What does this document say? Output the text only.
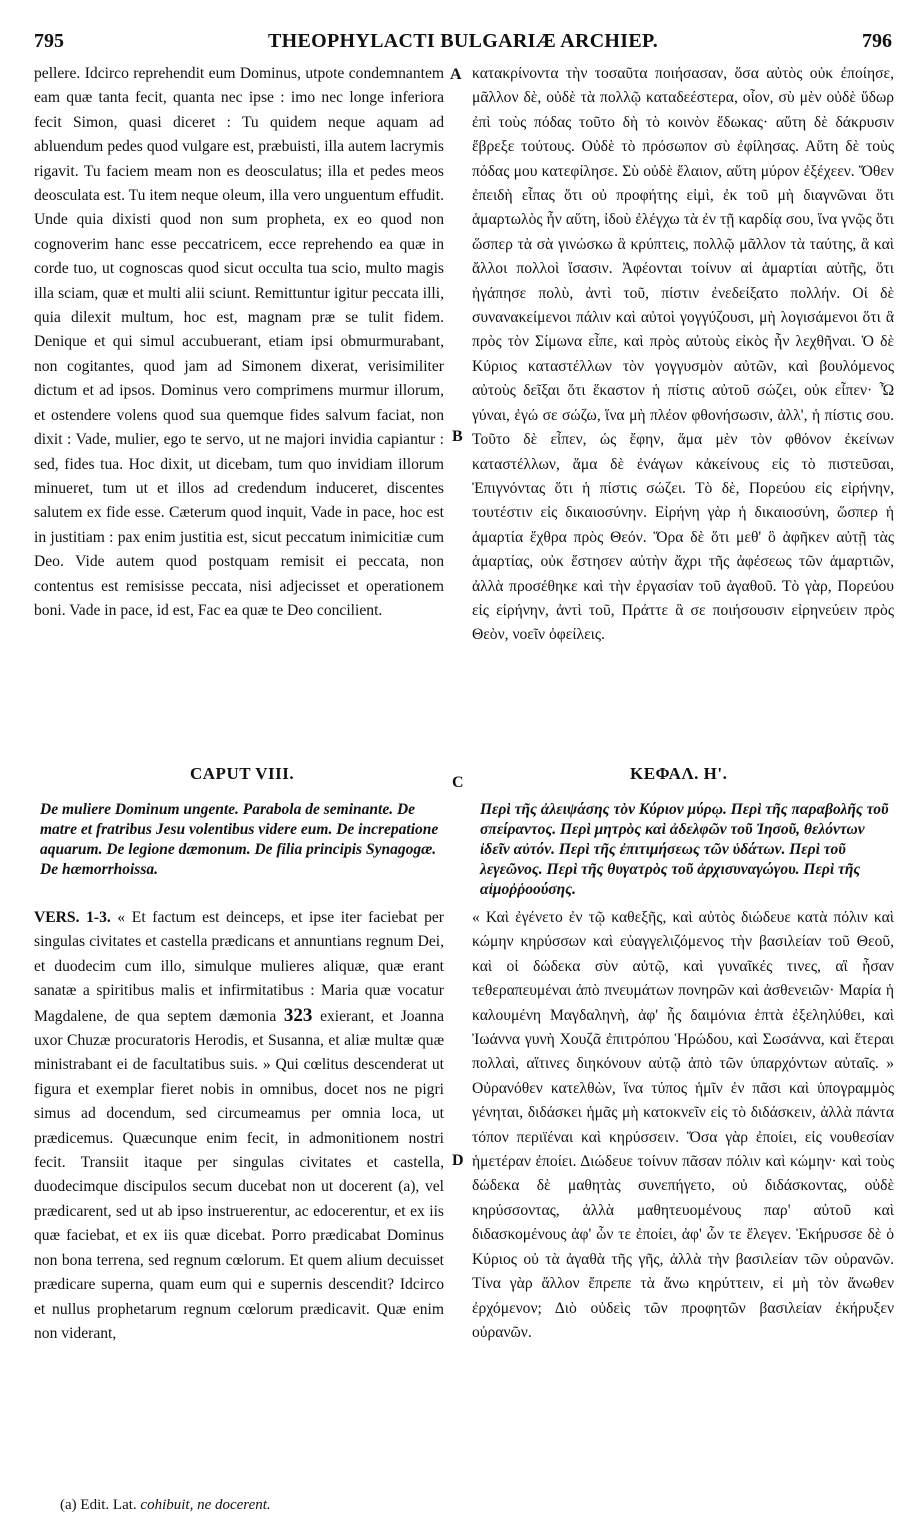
795	THEOPHYLACTI BULGARIÆ ARCHIEP.	796

pellere. Idcirco reprehendit eum Dominus, utpote condemnantem eam quæ tanta fecit, quanta nec ipse : imo nec longe inferiora fecit Simon, quasi diceret : Tu quidem neque aquam ad abluendum pedes quod vulgare est, præbuisti, illa autem lacrymis rigavit. Tu faciem meam non es deosculatus; illa et pedes meos deosculata est. Tu item neque oleum, illa vero unguentum effudit. Unde quia dixisti quod non sum propheta, ex eo quod non cognoverim hanc esse peccatricem, ecce reprehendo ea quæ in corde tuo, ut cognoscas quod sicut occulta tua scio, multo magis illa sciam, quæ et multi alii sciunt. Remittuntur igitur peccata illi, quia dilexit multum, hoc est, magnam præ se tulit fidem. Denique et qui simul accubuerant, etiam ipsi obmurmurabant, non cogitantes, quod jam ad Simonem dixerat, verisimiliter dictum et ad ipsos. Dominus vero comprimens murmur illorum, et ostendere volens quod sua quemque fides salvum faciat, non dixit : Vade, mulier, ego te servo, ut ne majori invidia capiantur : sed, fides tua. Hoc dixit, ut dicebam, tum quo invidiam illorum minueret, tum ut et illos ad credendum induceret, discentes salutem ex fide esse. Cæterum quod inquit, Vade in pace, hoc est in justitiam : pax enim justitia est, sicut peccatum inimicitiæ cum Deo. Vide autem quod postquam remisit ei peccata, non contentus est remisisse peccata, nisi adjecisset et operationem boni. Vade in pace, id est, Fac ea quæ te Deo concilient.

κατακρίνοντα τὴν τοσαῦτα ποιήσασαν, ὅσα αὐτὸς οὐκ ἐποίησε, μᾶλλον δὲ, οὐδὲ τὰ πολλῷ καταδεέστερα, οἷον, σὺ μὲν οὐδὲ ὕδωρ ἐπὶ τοὺς πόδας τοῦτο δὴ τὸ κοινὸν ἔδωκας· αὕτη δὲ δάκρυσιν ἔβρεξε τούτους. Οὐδὲ τὸ πρόσωπον σὺ ἐφίλησας. Αὕτη δὲ τοὺς πόδας μου κατεφίλησε. Σὺ οὐδὲ ἔλαιον, αὕτη μύρον ἐξέχεεν. Ὅθεν ἐπειδὴ εἶπας ὅτι οὐ προφήτης εἰμὶ, ἐκ τοῦ μὴ διαγνῶναι ὅτι ἁμαρτωλὸς ἦν αὕτη, ἰδοὺ ἐλέγχω τὰ ἐν τῇ καρδίᾳ σου, ἵνα γνῷς ὅτι ὥσπερ τὰ σὰ γινώσκω ἃ κρύπτεις, πολλῷ μᾶλλον τὰ ταύτης, ἃ καὶ ἄλλοι πολλοὶ ἴσασιν. Ἀφέονται τοίνυν αἱ ἁμαρτίαι αὐτῆς, ὅτι ἠγάπησε πολὺ, ἀντὶ τοῦ, πίστιν ἐνεδείξατο πολλήν. Οἱ δὲ συνανακείμενοι πάλιν καὶ αὐτοὶ γογγύζουσι, μὴ λογισάμενοι ὅτι ἃ πρὸς τὸν Σίμωνα εἶπε, καὶ πρὸς αὐτοὺς εἰκὸς ἦν λεχθῆναι. Ὁ δὲ Κύριος καταστέλλων τὸν γογγυσμὸν αὐτῶν, καὶ βουλόμενος αὐτοὺς δεῖξαι ὅτι ἕκαστον ἡ πίστις αὐτοῦ σώζει, οὐκ εἶπεν· Ὦ γύναι, ἐγώ σε σώζω, ἵνα μὴ πλέον φθονήσωσιν, ἀλλ', ἡ πίστις σου. Τοῦτο δὲ εἶπεν, ὡς ἔφην, ἅμα μὲν τὸν φθόνον ἐκείνων καταστέλλων, ἅμα δὲ ἐνάγων κἀκείνους εἰς τὸ πιστεῦσαι, Ἐπιγνόντας ὅτι ἡ πίστις σώζει. Τὸ δὲ, Πορεύου εἰς εἰρήνην, τουτέστιν εἰς δικαιοσύνην. Εἰρήνη γὰρ ἡ δικαιοσύνη, ὥσπερ ἡ ἁμαρτία ἔχθρα πρὸς Θεόν. Ὅρα δὲ ὅτι μεθ' ὃ ἀφῆκεν αὐτῇ τὰς ἁμαρτίας, οὐκ ἔστησεν αὐτὴν ἄχρι τῆς ἀφέσεως τῶν ἁμαρτιῶν, ἀλλὰ προσέθηκε καὶ τὴν ἐργασίαν τοῦ ἀγαθοῦ. Τὸ γὰρ, Πορεύου εἰς εἰρήνην, ἀντὶ τοῦ, Πράττε ἃ σε ποιήσουσιν εἰρηνεύειν πρὸς Θεὸν, νοεῖν ὀφείλεις.

A
B
C
D
CAPUT VIII.	ΚΕΦΑΛ. Η'.
De muliere Dominum ungente. Parabola de seminante. De matre et fratribus Jesu volentibus videre eum. De increpatione aquarum. De legione dæmonum. De filia principis Synagogæ. De hæmorrhoissa.
Περὶ τῆς ἀλειψάσης τὸν Κύριον μύρῳ. Περὶ τῆς παραβολῆς τοῦ σπείραντος. Περὶ μητρὸς καὶ ἀδελφῶν τοῦ Ἰησοῦ, θελόντων ἰδεῖν αὐτόν. Περὶ τῆς ἐπιτιμήσεως τῶν ὑδάτων. Περὶ τοῦ λεγεῶνος. Περὶ τῆς θυγατρὸς τοῦ ἀρχισυναγώγου. Περὶ τῆς αἱμοῤῥοούσης.

VERS. 1-3. « Et factum est deinceps, et ipse iter faciebat per singulas civitates et castella prædicans et annuntians regnum Dei, et duodecim cum illo, simulque mulieres aliquæ, quæ erant sanatæ a spiritibus malis et infirmitatibus : Maria quæ vocatur Magdalene, de qua septem dæmonia 323 exierant, et Joanna uxor Chuzæ procuratoris Herodis, et Susanna, et aliæ multæ quæ ministrabant ei de facultatibus suis. » Qui cœlitus descenderat ut figura et exemplar fieret nobis in omnibus, docet nos ne pigri simus ad docendum, sed circumeamus per omnia loca, ut prædicemus. Quæcunque enim fecit, in admonitionem nostri fecit. Transiit itaque per singulas civitates et castella, duodecimque discipulos secum ducebat non ut docerent (a), vel prædicarent, sed ut ab ipso instruerentur, ac edocerentur, et ex iis quæ faciebat, et ex iis quæ dicebat. Porro prædicabat Dominus non bona terrena, sed regnum cœlorum. Et quem alium decuisset prædicare superna, quam eum qui e supernis descendit? Idcirco et nullus prophetarum regnum cœlorum prædicavit. Quæ enim non viderant,

« Καὶ ἐγένετο ἐν τῷ καθεξῆς, καὶ αὐτὸς διώδευε κατὰ πόλιν καὶ κώμην κηρύσσων καὶ εὐαγγελιζόμενος τὴν βασιλείαν τοῦ Θεοῦ, καὶ οἱ δώδεκα σὺν αὐτῷ, καὶ γυναῖκές τινες, αἳ ἦσαν τεθεραπευμέναι ἀπὸ πνευμάτων πονηρῶν καὶ ἀσθενειῶν· Μαρία ἡ καλουμένη Μαγδαληνὴ, ἀφ' ἧς δαιμόνια ἑπτὰ ἐξεληλύθει, καὶ Ἰωάννα γυνὴ Χουζᾶ ἐπιτρόπου Ἡρώδου, καὶ Σωσάννα, καὶ ἕτεραι πολλαὶ, αἵτινες διηκόνουν αὐτῷ ἀπὸ τῶν ὑπαρχόντων αὐταῖς. » Οὐρανόθεν κατελθὼν, ἵνα τύπος ἡμῖν ἐν πᾶσι καὶ ὑπογραμμὸς γένηται, διδάσκει ἡμᾶς μὴ κατοκνεῖν εἰς τὸ διδάσκειν, ἀλλὰ πάντα τόπον περιϊέναι καὶ κηρύσσειν. Ὅσα γὰρ ἐποίει, εἰς νουθεσίαν ἡμετέραν ἐποίει. Διώδευε τοίνυν πᾶσαν πόλιν καὶ κώμην· καὶ τοὺς δώδεκα δὲ μαθητὰς συνεπήγετο, οὐ διδάσκοντας, οὐδὲ κηρύσσοντας, ἀλλὰ μαθητευομένους παρ' αὐτοῦ καὶ διδασκομένους ἀφ' ὧν τε ἐποίει, ἀφ' ὧν τε ἔλεγεν. Ἐκήρυσσε δὲ ὁ Κύριος οὐ τὰ ἀγαθὰ τῆς γῆς, ἀλλὰ τὴν βασιλείαν τῶν οὐρανῶν. Τίνα γὰρ ἄλλον ἔπρεπε τὰ ἄνω κηρύττειν, εἰ μὴ τὸν ἄνωθεν ἐρχόμενον; Διὸ οὐδεὶς τῶν προφητῶν βασιλείαν ἐκήρυξεν οὐρανῶν.

(a) Edit. Lat. cohibuit, ne docerent.
